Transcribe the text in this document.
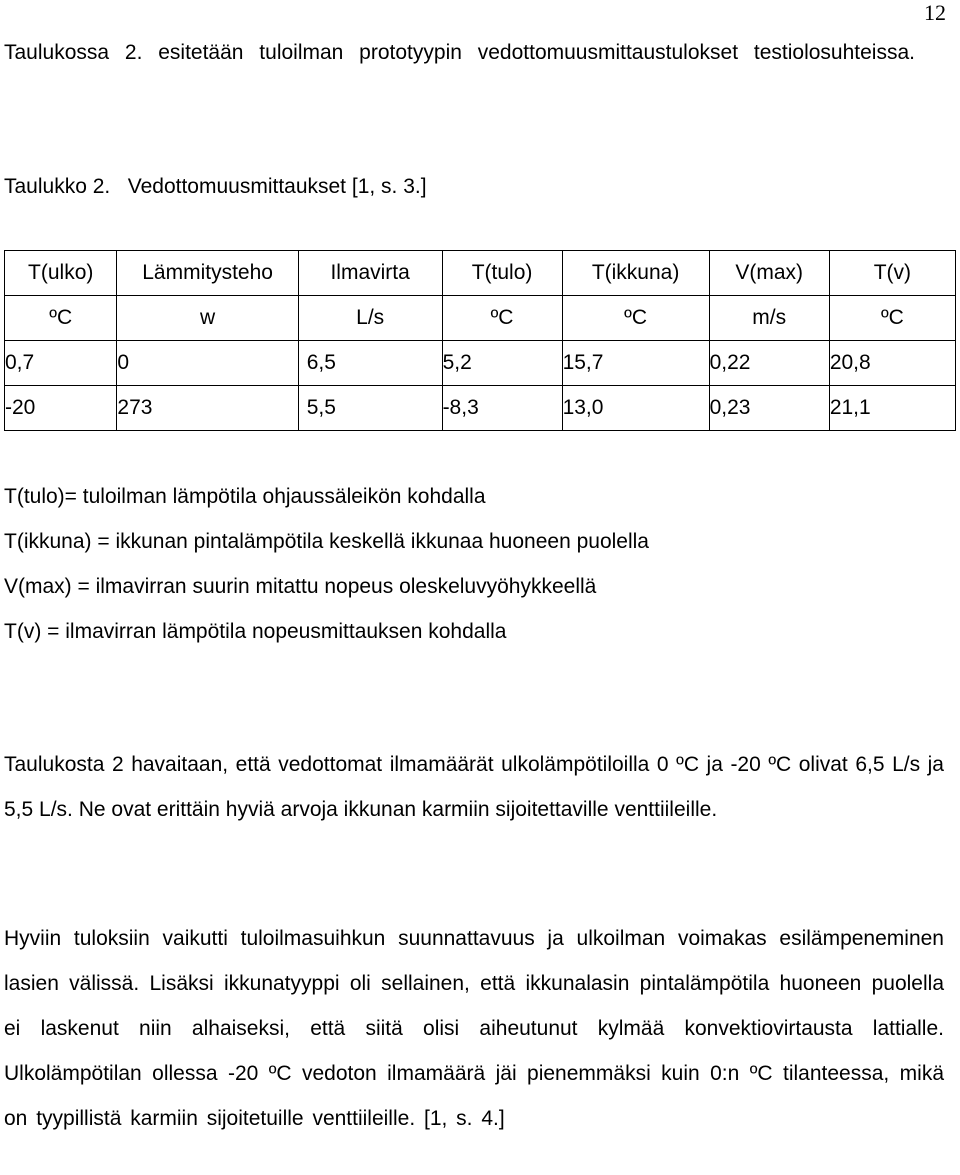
12
Taulukossa 2. esitetään tuloilman prototyypin vedottomuusmittaustulokset testiolosuhteissa.
Taulukko 2.   Vedottomuusmittaukset [1, s. 3.]
T(ulko)	Lämmitysteho	Ilmavirta	T(tulo)	T(ikkuna)	V(max)	T(v)
ºC	w	L/s	ºC	ºC	m/s	ºC
0,7	0	6,5	5,2	15,7	0,22	20,8
-20	273	5,5	-8,3	13,0	0,23	21,1
T(tulo)= tuloilman lämpötila ohjaussäleikön kohdalla
T(ikkuna) = ikkunan pintalämpötila keskellä ikkunaa huoneen puolella
V(max) = ilmavirran suurin mitattu nopeus oleskeluvyöhykkeellä
T(v) = ilmavirran lämpötila nopeusmittauksen kohdalla
Taulukosta 2 havaitaan, että vedottomat ilmamäärät ulkolämpötiloilla 0 ºC ja -20 ºC olivat 6,5 L/s ja 5,5 L/s. Ne ovat erittäin hyviä arvoja ikkunan karmiin sijoitettaville venttiileille.
Hyviin tuloksiin vaikutti tuloilmasuihkun suunnattavuus ja ulkoilman voimakas esilämpeneminen lasien välissä. Lisäksi ikkunatyyppi oli sellainen, että ikkunalasin pintalämpötila huoneen puolella ei laskenut niin alhaiseksi, että siitä olisi aiheutunut kylmää konvektiovirtausta lattialle. Ulkolämpötilan ollessa -20 ºC vedoton ilmamäärä jäi pienemmäksi kuin 0:n ºC tilanteessa, mikä on tyypillistä karmiin sijoitetuille venttiileille. [1, s. 4.]
